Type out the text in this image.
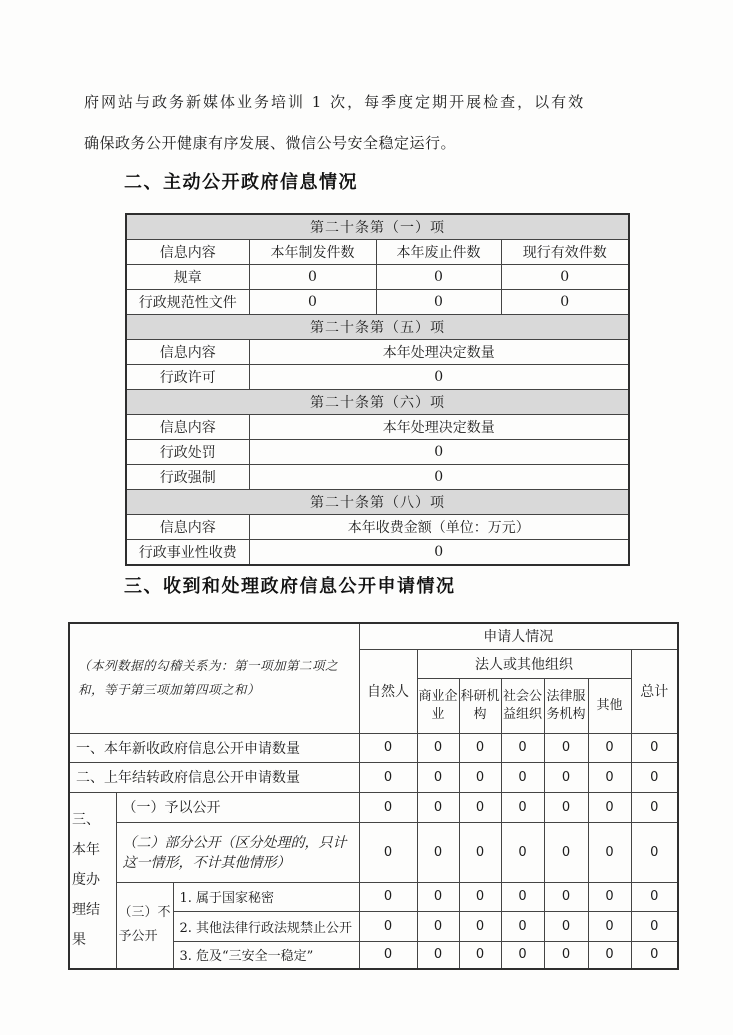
府网站与政务新媒体业务培训 1 次，每季度定期开展检查，以有效
确保政务公开健康有序发展、微信公号安全稳定运行。
二、主动公开政府信息情况
第二十条第（一）项			
信息内容	本年制发件数	本年废止件数	现行有效件数
规章	0	0	0
行政规范性文件	0	0	0
第二十条第（五）项			
信息内容	本年处理决定数量		
行政许可	0		
第二十条第（六）项			
信息内容	本年处理决定数量		
行政处罚	0		
行政强制	0		
第二十条第（八）项			
信息内容	本年收费金额（单位：万元）		
行政事业性收费	0		
三、收到和处理政府信息公开申请情况
（本列数据的勾稽关系为：第一项加第二项之和，等于第三项加第四项之和）			申请人情况						
			自然人	法人或其他组织					总计
				商业企业	科研机构	社会公益组织	法律服务机构	其他	
一、本年新收政府信息公开申请数量			0	0	0	0	0	0	0
二、上年结转政府信息公开申请数量			0	0	0	0	0	0	0
三、本年度办理结果	（一）予以公开		0	0	0	0	0	0	0
	（二）部分公开（区分处理的，只计这一情形，不计其他情形）		0	0	0	0	0	0	0
	（三）不予公开	1. 属于国家秘密	0	0	0	0	0	0	0
		2. 其他法律行政法规禁止公开	0	0	0	0	0	0	0
		3. 危及“三安全一稳定”	0	0	0	0	0	0	0
